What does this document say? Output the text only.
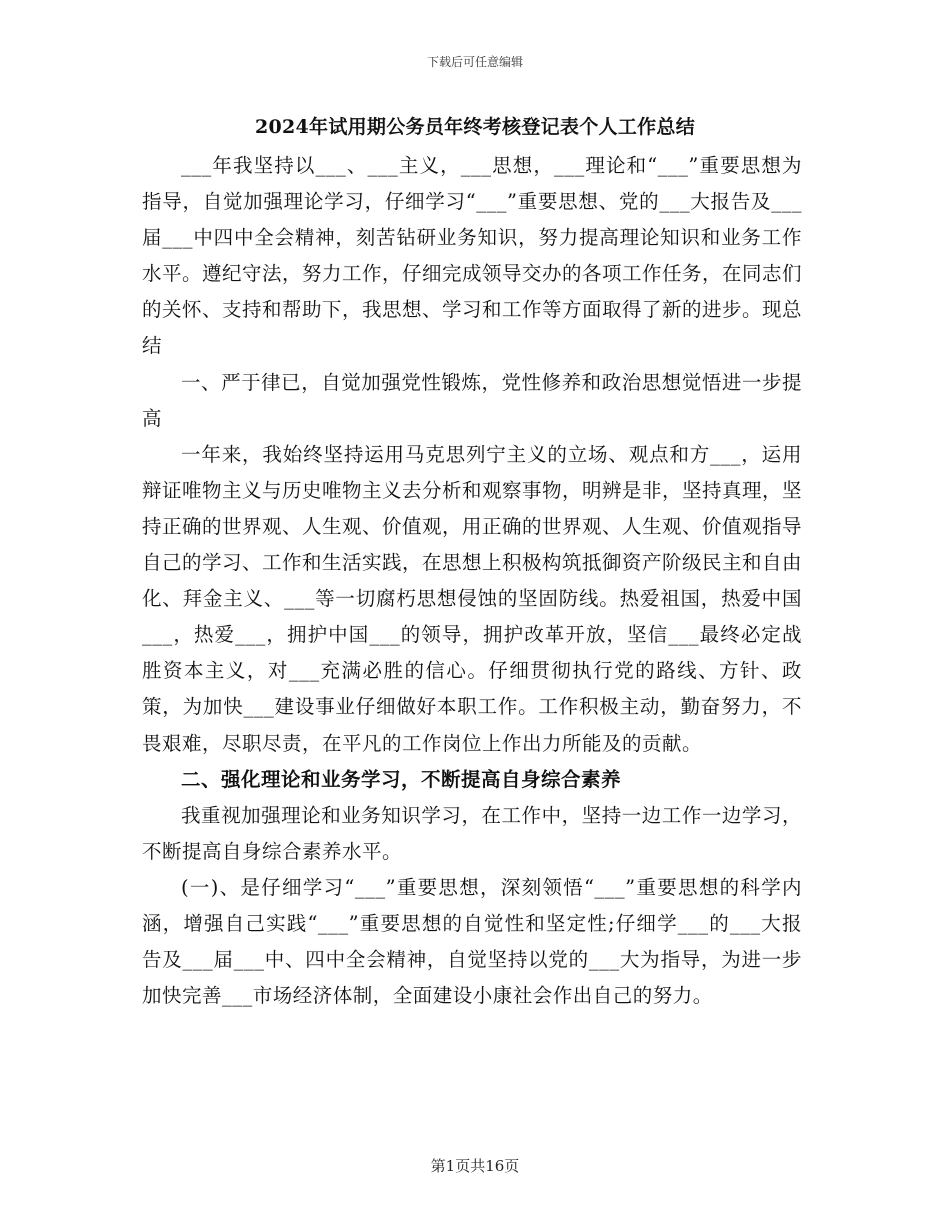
下载后可任意编辑
2024年试用期公务员年终考核登记表个人工作总结

___年我坚持以___、___主义，___思想，___理论和“___”重要思想为指导，自觉加强理论学习，仔细学习“___”重要思想、党的___大报告及___届___中四中全会精神，刻苦钻研业务知识，努力提高理论知识和业务工作水平。遵纪守法，努力工作，仔细完成领导交办的各项工作任务，在同志们的关怀、支持和帮助下，我思想、学习和工作等方面取得了新的进步。现总结

一、严于律已，自觉加强党性锻炼，党性修养和政治思想觉悟进一步提高

一年来，我始终坚持运用马克思列宁主义的立场、观点和方___，运用辩证唯物主义与历史唯物主义去分析和观察事物，明辨是非，坚持真理，坚持正确的世界观、人生观、价值观，用正确的世界观、人生观、价值观指导自己的学习、工作和生活实践，在思想上积极构筑抵御资产阶级民主和自由化、拜金主义、___等一切腐朽思想侵蚀的坚固防线。热爱祖国，热爱中国___，热爱___，拥护中国___的领导，拥护改革开放，坚信___最终必定战胜资本主义，对___充满必胜的信心。仔细贯彻执行党的路线、方针、政策，为加快___建设事业仔细做好本职工作。工作积极主动，勤奋努力，不畏艰难，尽职尽责，在平凡的工作岗位上作出力所能及的贡献。

二、强化理论和业务学习，不断提高自身综合素养

我重视加强理论和业务知识学习，在工作中，坚持一边工作一边学习，不断提高自身综合素养水平。

(一)、是仔细学习“___”重要思想，深刻领悟“___”重要思想的科学内涵，增强自己实践“___”重要思想的自觉性和坚定性;仔细学___的___大报告及___届___中、四中全会精神，自觉坚持以党的___大为指导，为进一步加快完善___市场经济体制，全面建设小康社会作出自己的努力。

第1页共16页
